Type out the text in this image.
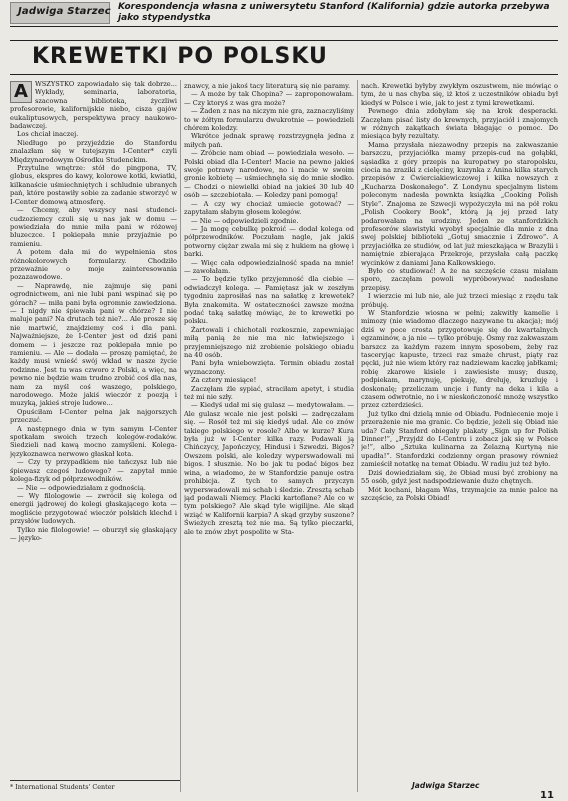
Jadwiga Starzec Korespondencja własna z uniwersytetu Stanford (Kalifornia) gdzie autorka przebywa jako stypendystka
KREWETKI PO POLSKU
A	WSZYSTKO zapowiadało się tak dobrze... Wykłady, seminaria, laboratoria, szacowna biblioteka, życzliwi profesorowie, kalifornijskie niebo, cisza gajów eukaliptusowych, perspektywa pracy naukowo-badawczej.

Los chciał inaczej.

Niedługo po przyjeździe do Stanfordu znalazłam się w tutejszym I-Center* czyli Międzynarodowym Ośrodku Studenckim.

Przytulne wnętrze: stół do pingpona, TV, globus, ekspres do kawy, kolorowe kotki, kwiatki, kilkanaście uśmiechniętych i schludnie ubranych pań, które postawiły sobie za zadanie stworzyć w I-Center domową atmosferę.

— Chcemy, aby wszyscy nasi studenci-cudzoziemcy czuli się u nas jak w domu — powiedziała do mnie miła pani w różowej bluzeczce. I pokiepała mnie przyjaźnie po ramieniu.

A potem dała mi do wypełnienia stos różnokolorowych formularzy. Chodziło przeważnie o moje zainteresowania pozazawodowe.

— Naprawdę, nie zajmuje się pani ogrodnictwem, ani nie lubi pani wspinać się po górach? — miła pani była ogromnie zawiedziona. — I nigdy nie śpiewała pani w chórze? I nie maluje pani? Na drutach też nie?... Ale prosze się nie martwić, znajdziemy coś i dla pani. Najważniejsze, że I-Center jest od dziś pani domem — i jeszcze raz poklepała mnie po ramieniu. — Ale — dodała — proszę pamiętać, że każdy musi wnieść swój wkład w nasze życie rodzinne. Jest tu was czworo z Polski, a więc, na pewno nie będzie wam trudno zrobić coś dla nas, nam za myśl coś waszego, polskiego, narodowego. Może jakiś wieczór z poezją i muzyką, jakieś stroje ludowe...

Opuściłam I-Center pełna jak najgorszych przeczuć.

A następnego dnia w tym samym I-Center spotkałam swoich trzech kolegów-rodaków. Siedzieli nad kawą mocno zamyśleni. Kolega-językoznawca nerwowo głaskał kota.

— Czy ty przypadkiem nie tańczysz lub nie śpiewasz czegoś ludowego? — zapytał mnie kolega-fizyk od półprzewodników.

— Nie — odpowiedziałam z godnością.

— Wy filologowie — zwrócił się kolega od energii jądrowej do kolegi głaskającego kota — mogliście przygotować wieczór polskich klechd i przysłów ludowych.

Tylko nie filologowie! — oburzył się głaskający — języko-

znawcy, a nie jakoś tacy literaturą się nie paramy.

— A może by tak Chopina? — zaproponowałam. — Czy ktoryś z was gra może?

— Żaden z nas na niczym nie gra, zaznaczyliśmy to w żółtym formularzu dwukrotnie — powiedzieli chórem koledzy.

Wkrótce jednak sprawę rozstrzygnęła jedna z miłych pań.

— Zróbcie nam obiad — powiedziała wesoło. — Polski obiad dla I-Center! Macie na pewno jakieś swoje potrawy narodowe, no i macie w swoim gronie kobietę — uśmiechnęła się do mnie słodko. — Chodzi o niewielki obiad na jakieś 30 lub 40 osób — szczebiotała. — Koledzy pani pomogą!

— A czy wy chociaż umiecie gotować? — zapytałam słabym głosem kolegów.

— Nie — odpowiedzieli zgodnie.

— Ja mogę cebulkę pokroić — dodał kolega od półprzewodników. Poczułam nagle, jak jakiś potworny ciężar zwala mi się z hukiem na głowę i barki.

— Więc cała odpowiedzialność spada na mnie! — zawołałam.

— To będzie tylko przyjemność dla ciebie — odwiadczył kolega. — Pamiętasz jak w zeszłym tygodniu zaprosiłaś nas na sałatkę z krewetek? Była znakomita. W ostateczności zawsze można podać taką sałatkę mówiąc, że to krewetki po polsku.

Żartowali i chichotali rozkosznie, zapewniając miłą panią że nie ma nic łatwiejszego i przyjemniejszego niż zrobienie polskiego obiadu na 40 osób.

Pani była wniebowzięta. Termin obiadu został wyznaczony.

Za cztery miesiące!

Zaczęłam źle sypiać, straciłam apetyt, i studia też mi nie szły.

— Kiedyś udał mi się gulasz — medytowałam. — Ale gulasz wcale nie jest polski — zadręczałam się. — Rosół też mi się kiedyś udał. Ale co znów takiego polskiego w rosole? Albo w kurze? Kura była już w I-Center kilka razy. Podawali ją Chińczycy, Japończycy, Hindusi i Szwedzi. Bigos? Owszem polski, ale koledzy wyperswadowali mi bigos. I słusznie. No bo jak tu podać bigos bez wina, a wiadomo, że w Stanfordzie panuje ostra prohibicja. Z tych to samych przyczyn wyperswadowali mi schab i śledzie. Zresztą schab jąd podawali Niemcy. Placki kartoflane? Ale co w tym polskiego? Ale skąd tyle wigilijne. Ale skąd wziąć w Kalifornii karpia? A skąd grzyby suszone? Świeżych zresztą też nie ma. Są tylko pieczarki, ale te znów zbyt pospolite w Sta-

nach. Krewetki byłyby zwykłym oszustwem, nie mówiąc o tym, że u nas chyba się, iż ktoś z uczestników obiadu był kiedyś w Polsce i wie, jak to jest z tymi krewetkami.

Pewnego dnia zdobyłam się na krok desperacki. Zaczęłam pisać listy do krewnych, przyjaciół i znajomych w różnych zakątkach świata błagając o pomoc. Do miesiąca były rezultaty.

Mama przysłała niezawodny przepis na zakwaszanie barszczu, przyjaciółka mamy przepis-cud na gołąbki, sąsiadka z góry przepis na kuropatwy po staropolsku, ciocia na zraziki z cielęciny, kuzynka z Anina kilka starych przepisów z Ćwierciakiewiczowej i kilka nowszych z „Kucharza Doskonałego”. Z Londynu specjalnym listem poleconym nadesła pownkta książka „Cooking Polish Style”. Znajoma ze Szwecji wypożyczyła mi na pół roku „Polish Cookery Book”, którą ją jej przed laty podarowałam na urodziny. Jeden ze stanfordzkich profesorów slawistyki wyobył specjalnie dla mnie z dna swej polskiej biblioteki „Gotuj smacznie i Zdrowo”. A przyjaciółka ze studiów, od lat już mieszkająca w Brazylii i namiętnie zbierająca Przekroje, przysłała całą paczkę wycinków z daniami Jana Kalkowskiego.

Było co studiować! A że na szczęście czasu miałam sporo, zaczęłam powoli wypróbowywać nadesłane przepisy.

I wierzcie mi lub nie, ale już trzeci miesiąc z rzędu tak próbuję.

W Stanfordzie wiosna w pełni; zakwitły kamelie i mimozy (nie wiadomo dlaczego nazywane tu akacja); mój dziś w poce crosta przygotowuje się do kwartalnych egzaminów, a ja nie — tylko próbuję. Ósmy raz zakwaszam barszcz za każdym razem innym sposobem, żeby raz tasceryjąc kapuste, trzeci raz smaże chrust, piąty raz pęcki, już nie wiem który raz nadziewam kaczkę jabłkami; robię zkarowe kisiele i zawiesiste musy; duszę, podpiekam, marynuję, piekuję, dreluję, kruzluję i doskonalę; przeliczam uncje i funty na deka i kila a czasem odwrotnie, no i w nieskończoność mnożę wszystko przez czterdzieści.

Już tylko dni dzielą mnie od Obiadu. Podniecenie moje i przerażenie nie ma granic. Co będzie, jeżeli się Obiad nie uda? Cały Stanford obiegaly plakaty „Sign up for Polish Dinner!”, „Przyjdź do I-Centru i zobacz jak się w Polsce je!”, albo „Sztuka kulinarna za Żelazną Kurtyną nie upadła!”. Stanfordzki codzienny organ prasowy również zamieścił notatkę na temat Obiadu. W radiu już też było.

Dziś dowiedziałam się, że Obiad musi być zrobiony na 55 osób, gdyż jest nadspodziewanie dużo chętnych.

Mót kochani, błagam Was, trzymajcie za mnie palce na szczęście, za Polski Obiad!

* International Students' Center	Jadwiga Starzec
11
